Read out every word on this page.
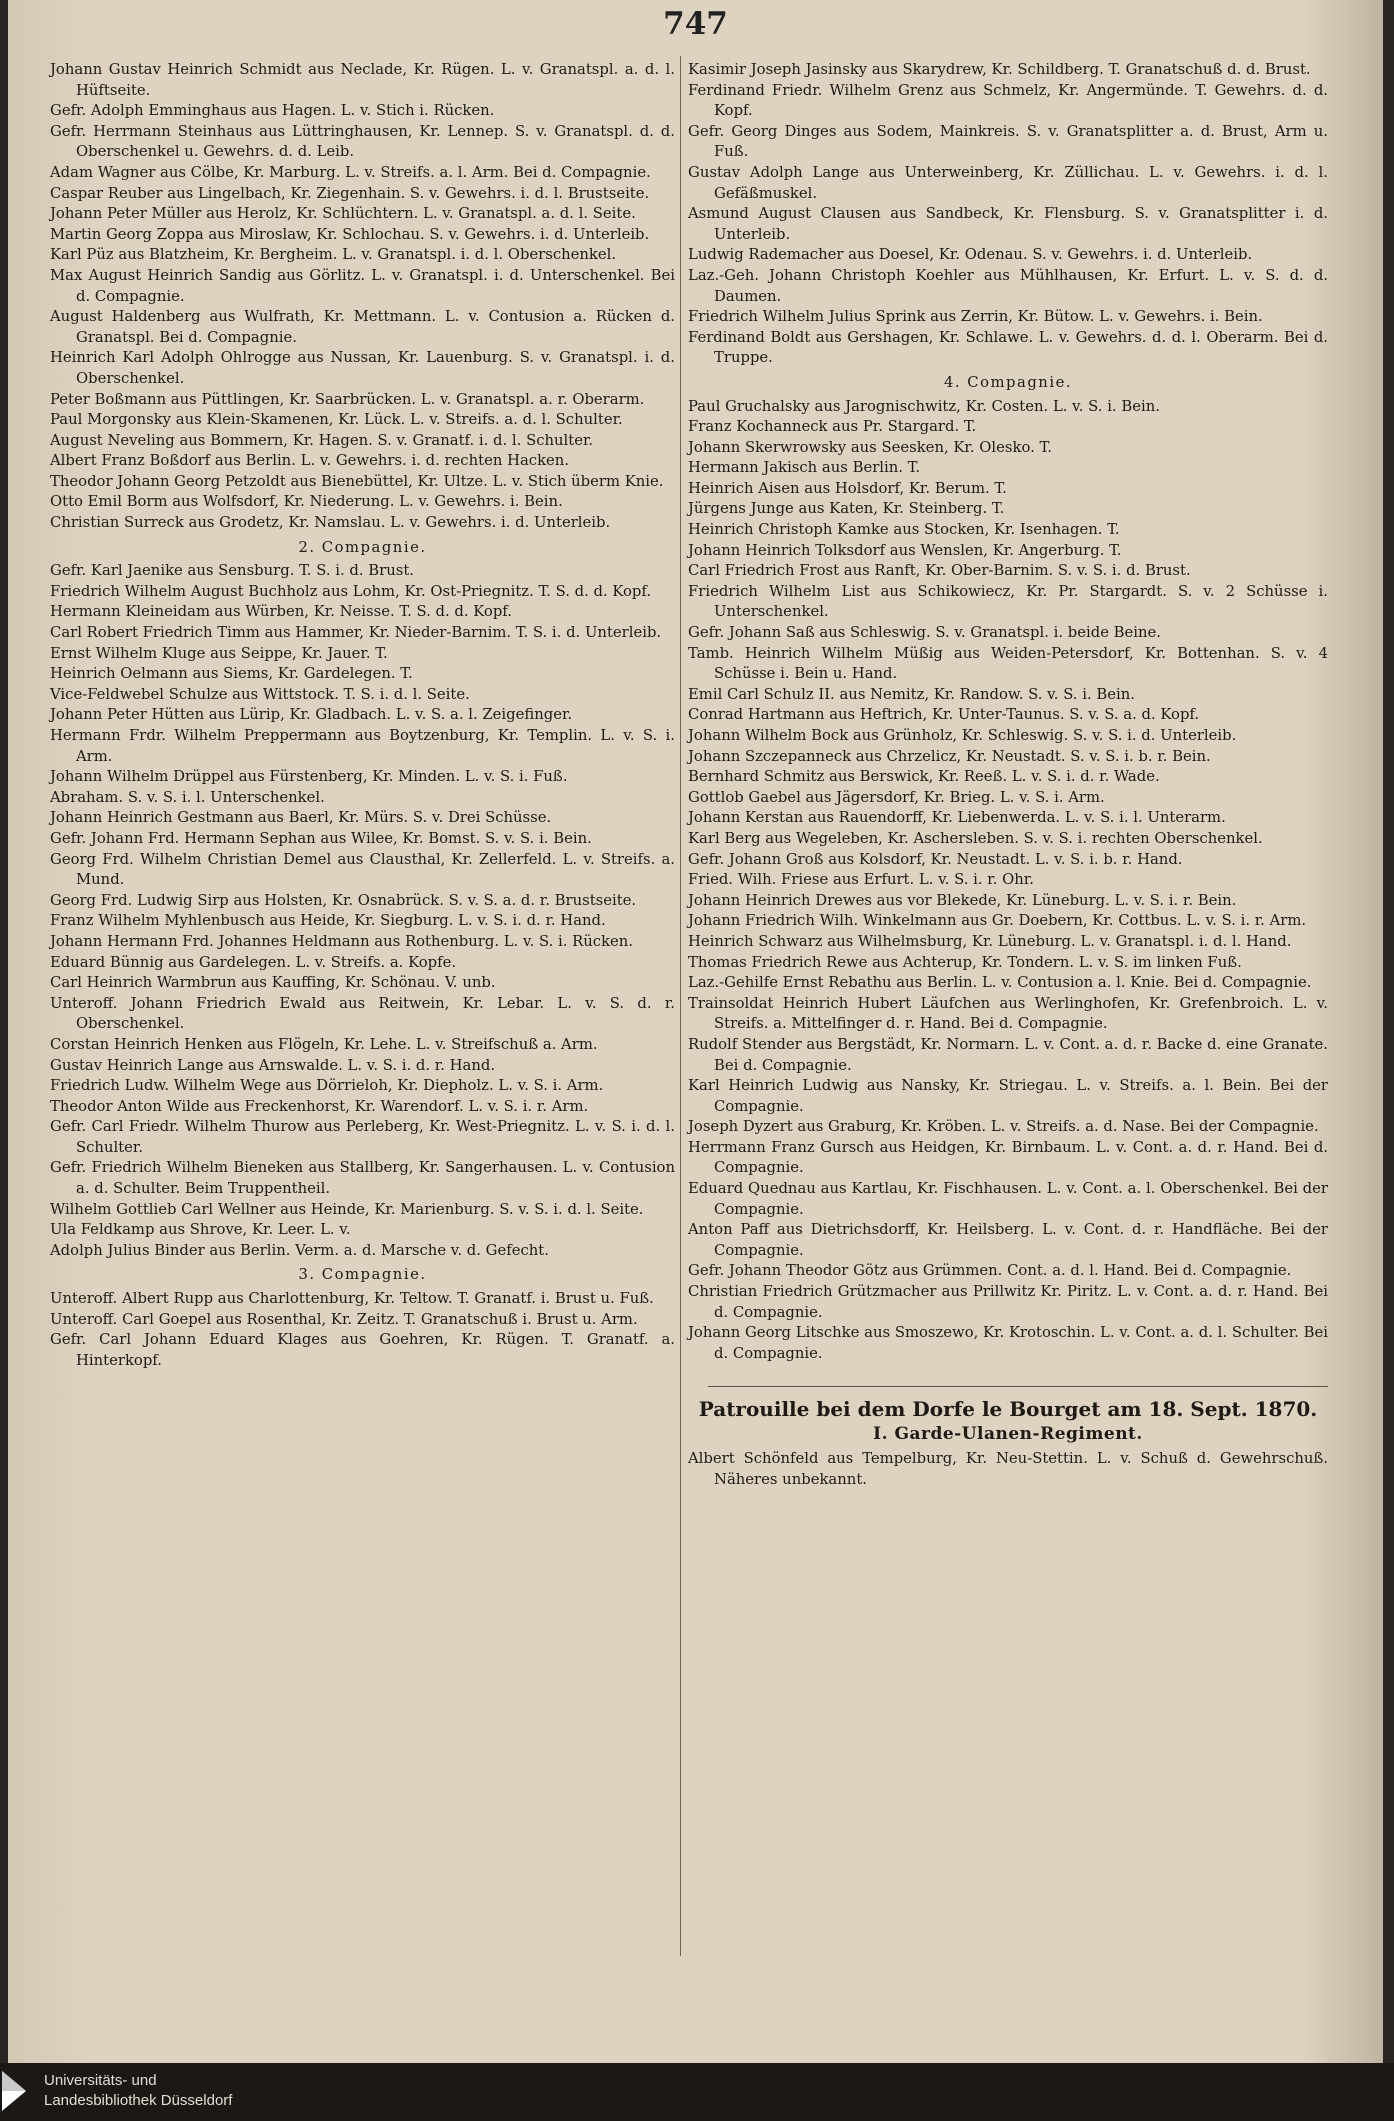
747

Johann Gustav Heinrich Schmidt aus Neclade, Kr. Rügen. L. v. Granatspl. a. d. l. Hüftseite.

Gefr. Adolph Emminghaus aus Hagen. L. v. Stich i. Rücken.

Gefr. Herrmann Steinhaus aus Lüttringhausen, Kr. Lennep. S. v. Granatspl. d. d. Oberschenkel u. Gewehrs. d. d. Leib.

Adam Wagner aus Cölbe, Kr. Marburg. L. v. Streifs. a. l. Arm. Bei d. Compagnie.

Caspar Reuber aus Lingelbach, Kr. Ziegenhain. S. v. Gewehrs. i. d. l. Brustseite.

Johann Peter Müller aus Herolz, Kr. Schlüchtern. L. v. Granatspl. a. d. l. Seite.

Martin Georg Zoppa aus Miroslaw, Kr. Schlochau. S. v. Gewehrs. i. d. Unterleib.

Karl Püz aus Blatzheim, Kr. Bergheim. L. v. Granatspl. i. d. l. Oberschenkel.

Max August Heinrich Sandig aus Görlitz. L. v. Granatspl. i. d. Unterschenkel. Bei d. Compagnie.

August Haldenberg aus Wulfrath, Kr. Mettmann. L. v. Contusion a. Rücken d. Granatspl. Bei d. Compagnie.

Heinrich Karl Adolph Ohlrogge aus Nussan, Kr. Lauenburg. S. v. Granatspl. i. d. Oberschenkel.

Peter Boßmann aus Püttlingen, Kr. Saarbrücken. L. v. Granatspl. a. r. Oberarm.

Paul Morgonsky aus Klein-Skamenen, Kr. Lück. L. v. Streifs. a. d. l. Schulter.

August Neveling aus Bommern, Kr. Hagen. S. v. Granatf. i. d. l. Schulter.

Albert Franz Boßdorf aus Berlin. L. v. Gewehrs. i. d. rechten Hacken.

Theodor Johann Georg Petzoldt aus Bienebüttel, Kr. Ultze. L. v. Stich überm Knie.

Otto Emil Borm aus Wolfsdorf, Kr. Niederung. L. v. Gewehrs. i. Bein.

Christian Surreck aus Grodetz, Kr. Namslau. L. v. Gewehrs. i. d. Unterleib.

2. Compagnie.

Gefr. Karl Jaenike aus Sensburg. T. S. i. d. Brust.

Friedrich Wilhelm August Buchholz aus Lohm, Kr. Ost-Priegnitz. T. S. d. d. Kopf.

Hermann Kleineidam aus Würben, Kr. Neisse. T. S. d. d. Kopf.

Carl Robert Friedrich Timm aus Hammer, Kr. Nieder-Barnim. T. S. i. d. Unterleib.

Ernst Wilhelm Kluge aus Seippe, Kr. Jauer. T.

Heinrich Oelmann aus Siems, Kr. Gardelegen. T.

Vice-Feldwebel Schulze aus Wittstock. T. S. i. d. l. Seite.

Johann Peter Hütten aus Lürip, Kr. Gladbach. L. v. S. a. l. Zeigefinger.

Hermann Frdr. Wilhelm Preppermann aus Boytzenburg, Kr. Templin. L. v. S. i. Arm.

Johann Wilhelm Drüppel aus Fürstenberg, Kr. Minden. L. v. S. i. Fuß.

Abraham. S. v. S. i. l. Unterschenkel.

Johann Heinrich Gestmann aus Baerl, Kr. Mürs. S. v. Drei Schüsse.

Gefr. Johann Frd. Hermann Sephan aus Wilee, Kr. Bomst. S. v. S. i. Bein.

Georg Frd. Wilhelm Christian Demel aus Clausthal, Kr. Zellerfeld. L. v. Streifs. a. Mund.

Georg Frd. Ludwig Sirp aus Holsten, Kr. Osnabrück. S. v. S. a. d. r. Brustseite.

Franz Wilhelm Myhlenbusch aus Heide, Kr. Siegburg. L. v. S. i. d. r. Hand.

Johann Hermann Frd. Johannes Heldmann aus Rothenburg. L. v. S. i. Rücken.

Eduard Bünnig aus Gardelegen. L. v. Streifs. a. Kopfe.

Carl Heinrich Warmbrun aus Kauffing, Kr. Schönau. V. unb.

Unteroff. Johann Friedrich Ewald aus Reitwein, Kr. Lebar. L. v. S. d. r. Oberschenkel.

Corstan Heinrich Henken aus Flögeln, Kr. Lehe. L. v. Streifschuß a. Arm.

Gustav Heinrich Lange aus Arnswalde. L. v. S. i. d. r. Hand.

Friedrich Ludw. Wilhelm Wege aus Dörrieloh, Kr. Diepholz. L. v. S. i. Arm.

Theodor Anton Wilde aus Freckenhorst, Kr. Warendorf. L. v. S. i. r. Arm.

Gefr. Carl Friedr. Wilhelm Thurow aus Perleberg, Kr. West-Priegnitz. L. v. S. i. d. l. Schulter.

Gefr. Friedrich Wilhelm Bieneken aus Stallberg, Kr. Sangerhausen. L. v. Contusion a. d. Schulter. Beim Truppentheil.

Wilhelm Gottlieb Carl Wellner aus Heinde, Kr. Marienburg. S. v. S. i. d. l. Seite.

Ula Feldkamp aus Shrove, Kr. Leer. L. v.

Adolph Julius Binder aus Berlin. Verm. a. d. Marsche v. d. Gefecht.

3. Compagnie.

Unteroff. Albert Rupp aus Charlottenburg, Kr. Teltow. T. Granatf. i. Brust u. Fuß.

Unteroff. Carl Goepel aus Rosenthal, Kr. Zeitz. T. Granatschuß i. Brust u. Arm.

Gefr. Carl Johann Eduard Klages aus Goehren, Kr. Rügen. T. Granatf. a. Hinterkopf.

Kasimir Joseph Jasinsky aus Skarydrew, Kr. Schildberg. T. Granatschuß d. d. Brust.

Ferdinand Friedr. Wilhelm Grenz aus Schmelz, Kr. Angermünde. T. Gewehrs. d. d. Kopf.

Gefr. Georg Dinges aus Sodem, Mainkreis. S. v. Granatsplitter a. d. Brust, Arm u. Fuß.

Gustav Adolph Lange aus Unterweinberg, Kr. Züllichau. L. v. Gewehrs. i. d. l. Gefäßmuskel.

Asmund August Clausen aus Sandbeck, Kr. Flensburg. S. v. Granatsplitter i. d. Unterleib.

Ludwig Rademacher aus Doesel, Kr. Odenau. S. v. Gewehrs. i. d. Unterleib.

Laz.-Geh. Johann Christoph Koehler aus Mühlhausen, Kr. Erfurt. L. v. S. d. d. Daumen.

Friedrich Wilhelm Julius Sprink aus Zerrin, Kr. Bütow. L. v. Gewehrs. i. Bein.

Ferdinand Boldt aus Gershagen, Kr. Schlawe. L. v. Gewehrs. d. d. l. Oberarm. Bei d. Truppe.

4. Compagnie.

Paul Gruchalsky aus Jarognischwitz, Kr. Costen. L. v. S. i. Bein.

Franz Kochanneck aus Pr. Stargard. T.

Johann Skerwrowsky aus Seesken, Kr. Olesko. T.

Hermann Jakisch aus Berlin. T.

Heinrich Aisen aus Holsdorf, Kr. Berum. T.

Jürgens Junge aus Katen, Kr. Steinberg. T.

Heinrich Christoph Kamke aus Stocken, Kr. Isenhagen. T.

Johann Heinrich Tolksdorf aus Wenslen, Kr. Angerburg. T.

Carl Friedrich Frost aus Ranft, Kr. Ober-Barnim. S. v. S. i. d. Brust.

Friedrich Wilhelm List aus Schikowiecz, Kr. Pr. Stargardt. S. v. 2 Schüsse i. Unterschenkel.

Gefr. Johann Saß aus Schleswig. S. v. Granatspl. i. beide Beine.

Tamb. Heinrich Wilhelm Müßig aus Weiden-Petersdorf, Kr. Bottenhan. S. v. 4 Schüsse i. Bein u. Hand.

Emil Carl Schulz II. aus Nemitz, Kr. Randow. S. v. S. i. Bein.

Conrad Hartmann aus Heftrich, Kr. Unter-Taunus. S. v. S. a. d. Kopf.

Johann Wilhelm Bock aus Grünholz, Kr. Schleswig. S. v. S. i. d. Unterleib.

Johann Szczepanneck aus Chrzelicz, Kr. Neustadt. S. v. S. i. b. r. Bein.

Bernhard Schmitz aus Berswick, Kr. Reeß. L. v. S. i. d. r. Wade.

Gottlob Gaebel aus Jägersdorf, Kr. Brieg. L. v. S. i. Arm.

Johann Kerstan aus Rauendorff, Kr. Liebenwerda. L. v. S. i. l. Unterarm.

Karl Berg aus Wegeleben, Kr. Aschersleben. S. v. S. i. rechten Oberschenkel.

Gefr. Johann Groß aus Kolsdorf, Kr. Neustadt. L. v. S. i. b. r. Hand.

Fried. Wilh. Friese aus Erfurt. L. v. S. i. r. Ohr.

Johann Heinrich Drewes aus vor Blekede, Kr. Lüneburg. L. v. S. i. r. Bein.

Johann Friedrich Wilh. Winkelmann aus Gr. Doebern, Kr. Cottbus. L. v. S. i. r. Arm.

Heinrich Schwarz aus Wilhelmsburg, Kr. Lüneburg. L. v. Granatspl. i. d. l. Hand.

Thomas Friedrich Rewe aus Achterup, Kr. Tondern. L. v. S. im linken Fuß.

Laz.-Gehilfe Ernst Rebathu aus Berlin. L. v. Contusion a. l. Knie. Bei d. Compagnie.

Trainsoldat Heinrich Hubert Läufchen aus Werlinghofen, Kr. Grefenbroich. L. v. Streifs. a. Mittelfinger d. r. Hand. Bei d. Compagnie.

Rudolf Stender aus Bergstädt, Kr. Normarn. L. v. Cont. a. d. r. Backe d. eine Granate. Bei d. Compagnie.

Karl Heinrich Ludwig aus Nansky, Kr. Striegau. L. v. Streifs. a. l. Bein. Bei der Compagnie.

Joseph Dyzert aus Graburg, Kr. Kröben. L. v. Streifs. a. d. Nase. Bei der Compagnie.

Herrmann Franz Gursch aus Heidgen, Kr. Birnbaum. L. v. Cont. a. d. r. Hand. Bei d. Compagnie.

Eduard Quednau aus Kartlau, Kr. Fischhausen. L. v. Cont. a. l. Oberschenkel. Bei der Compagnie.

Anton Paff aus Dietrichsdorff, Kr. Heilsberg. L. v. Cont. d. r. Handfläche. Bei der Compagnie.

Gefr. Johann Theodor Götz aus Grümmen. Cont. a. d. l. Hand. Bei d. Compagnie.

Christian Friedrich Grützmacher aus Prillwitz Kr. Piritz. L. v. Cont. a. d. r. Hand. Bei d. Compagnie.

Johann Georg Litschke aus Smoszewo, Kr. Krotoschin. L. v. Cont. a. d. l. Schulter. Bei d. Compagnie.

Patrouille bei dem Dorfe le Bourget am 18. Sept. 1870.
I. Garde-Ulanen-Regiment.

Albert Schönfeld aus Tempelburg, Kr. Neu-Stettin. L. v. Schuß d. Gewehrschuß. Näheres unbekannt.

Universitäts- und
Landesbibliothek Düsseldorf
